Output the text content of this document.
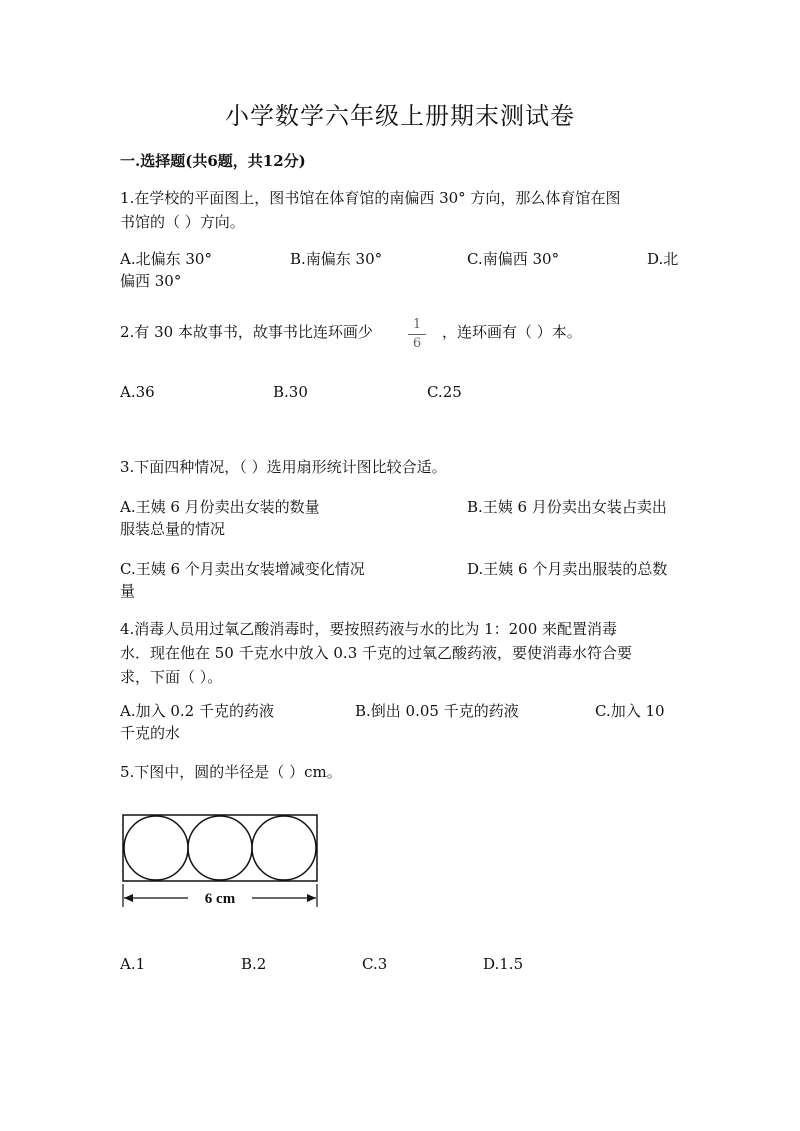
小学数学六年级上册期末测试卷
一.选择题(共6题，共12分)
1.在学校的平面图上，图书馆在体育馆的南偏西 30° 方向，那么体育馆在图
书馆的（ ）方向。
A.北偏东 30°	B.南偏东 30°	C.南偏西 30°	D.北
偏西 30°
2.有 30 本故事书，故事书比连环画少	1
6
，连环画有（ ）本。
A.36	B.30	C.25
3.下面四种情况，（ ）选用扇形统计图比较合适。
A.王姨 6 月份卖出女装的数量	B.王姨 6 月份卖出女装占卖出
服装总量的情况
C.王姨 6 个月卖出女装增减变化情况	D.王姨 6 个月卖出服装的总数
量
4.消毒人员用过氧乙酸消毒时，要按照药液与水的比为 1：200 来配置消毒
水．现在他在 50 千克水中放入 0.3 千克的过氧乙酸药液，要使消毒水符合要
求，下面（ ）。
A.加入 0.2 千克的药液	B.倒出 0.05 千克的药液	C.加入 10
千克的水
5.下图中，圆的半径是（ ）cm。
6 cm
A.1	B.2	C.3	D.1.5
